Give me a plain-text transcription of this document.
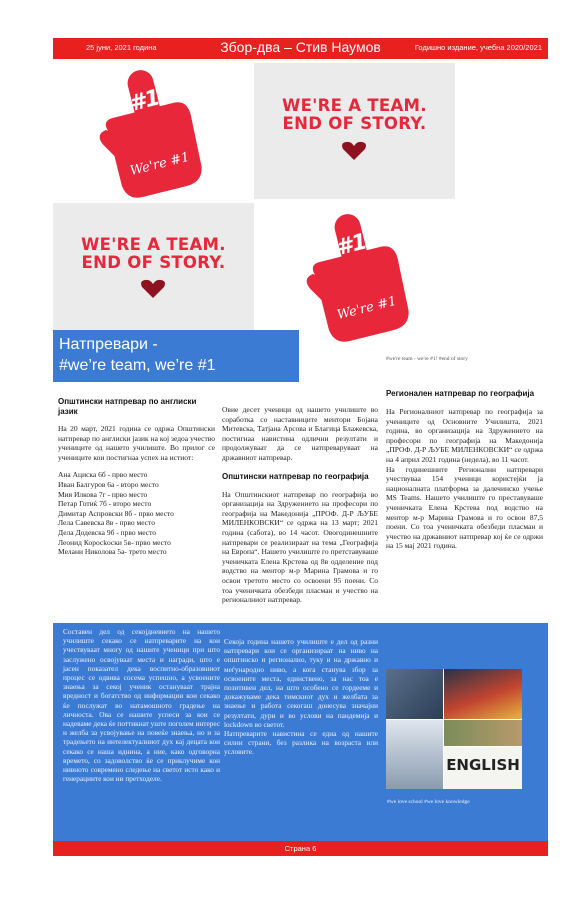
25 јуни, 2021 година	Збор-два – Стив Наумов	Годишно издание, учебна 2020/2021
#1
We're #1
WE'RE A TEAM.
END OF STORY.
WE'RE A TEAM.
END OF STORY.
#1
We're #1
Натпревари -
#we’re team, we’re #1	#we're team - we're #1! #end of story
Општински натпревар по англиски јазик

На 20 март, 2021 година се одржа Општински натпревар по англиски јазик на кој зедоа учество учениците од нашето училиште. Во прилог се учениците кои постигнаа успех на истиот:

Ана Ациска 6б - прво место
Иван Балгуров 6а - второ место
Мия Илкова 7г - прво место
Петар Готиќ 7б - второ место
Димитар Аспровски 8б - прво место
Лела Савевска 8в - прво место
Дела Додевска 9б - прво место
Леонид Коросkоски 5в- прво место
Мелани Николова 5а- трето место

Овие десет ученици од нашето училиште во соработка со наставниците ментори Бојана Митевска, Татјана Арсова и Благица Блажевска, постигнаа навистина одлични резултати и продолжуваат да се натпреваруваат на државниот натпревар.

Општински натпревар по географија

На Општинскиот натпревар по географија во организација на Здружението на професори по географија на Македонија „ПРОФ. Д-Р ЉУБЕ МИЛЕНКОВСКИ“ се одржа на 13 март; 2021 година (сабота), во 14 часот. Овогодинешните натпревари се реализираат на тема „Географија на Европа“. Нашето училиште го претставуваше ученичката Елена Крстева од 8в одделение под водство на ментор м-р Марина Грамова и го освои третото место со освоени 95 поени. Со тоа ученичката обезбеди пласман и учество на регионалниот натпревар.

Регионален натпревар по географија

На Регионалниот натпревар по географија за учениците од Основните Училишта, 2021 година, во организација на Здружението на професори по географија на Македонија „ПРОФ. Д-Р ЉУБЕ МИЛЕНКОВСКИ“ се одржа на 4 април 2021 година (недела), во 11 часот.

На годинешните Регионални натпревари учествуваа 154 ученици користејќи ја националната платформа за далечинско учење MS Teams. Нашето училиште го преставуваше ученичката Елена Крстева под водство на ментор м-р Марина Грамова и го освои 87,5 поени. Со тоа ученичката обезбеди пласман и учество на државниот натпревар кој ќе се одржи на 15 мај 2021 година.

Составен дел од секојдневието на нашето училиште секако се натпреварите на кои учествуваат многу од нашите ученици при што заслужено освојуваат места и награди, што е јасен показател дека воспитно-образовниот процес се одвива сосема успешно, а усвоените знаења за секој ученик остануваат трајна вредност и богатство од информации кои секако ќе послужат во натамошното градење на личноста. Ова се нашите успеси за кои се надеваме дека ќе поттикнат уште поголем интерес и желба за усвојување на повеќе знаења, но и за традењето на интелектуалниот дух кај децата кои секако се наша иднина, а ние, како одговорна времето, со задоволство ќе се приклучиме кон нивното совремeно следење на светот исто како и генерациите кои ни претходеле.

Секоја година нашето училиште е дел од разни натпревари кои се организираат на ниво на општинско и регионално, туку и на државно и меѓународно ниво, а кога станува збор за освоените места, единствено, за нас тоа е позитивен дел, на што особено се гордееме и докажуваме дека тимскиот дух и желбата за знаење и работа секогаш донесува значајни резултати, дури и во услови на пандемија и lockdown во светот.

Натпреварите навистина се една од нашите силни страни, без разлика на возраста или условите.

ENGLISH
#we love school #we love knowledge
Страна 6
